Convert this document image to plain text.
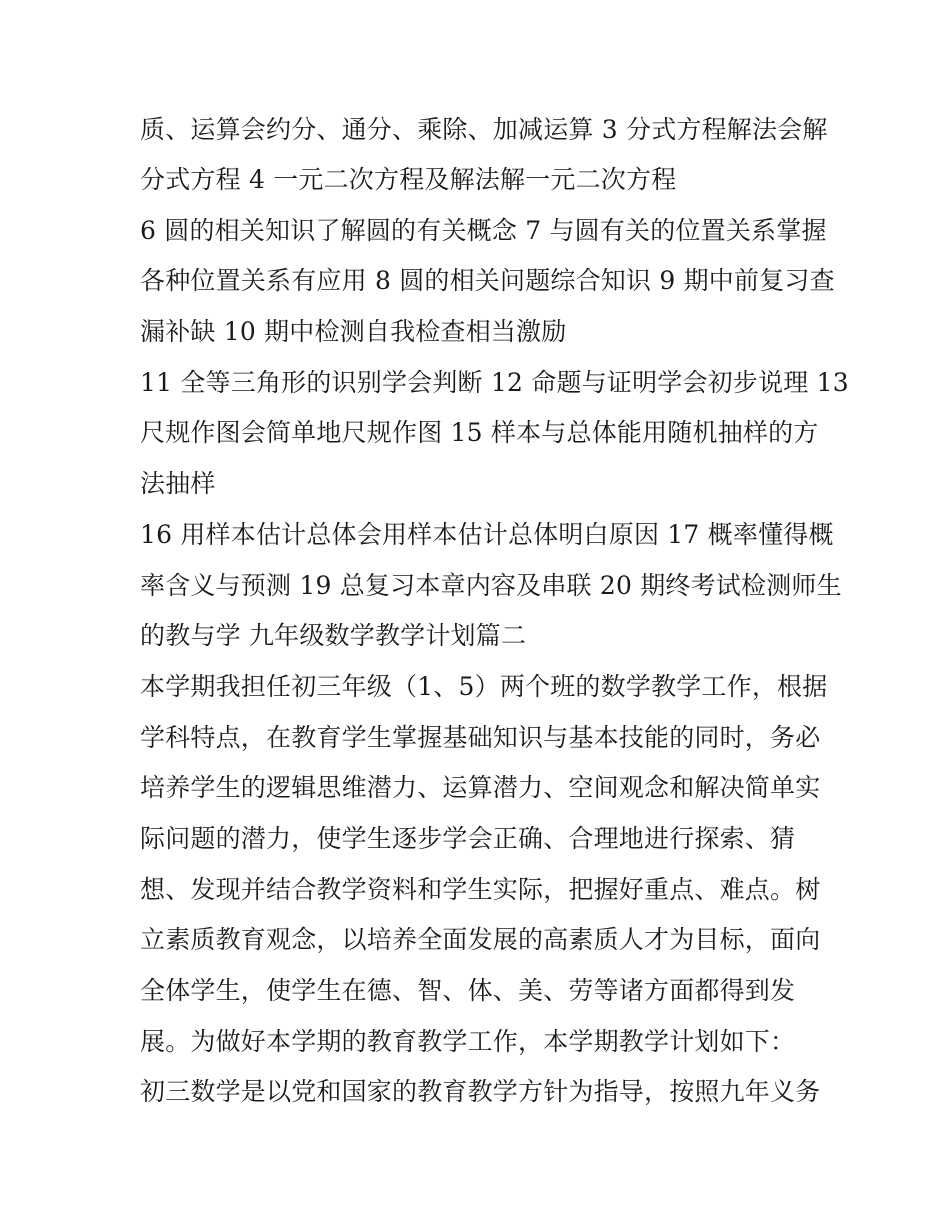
质、运算会约分、通分、乘除、加减运算 3 分式方程解法会解
分式方程 4 一元二次方程及解法解一元二次方程
6 圆的相关知识了解圆的有关概念 7 与圆有关的位置关系掌握
各种位置关系有应用 8 圆的相关问题综合知识 9 期中前复习查
漏补缺 10 期中检测自我检查相当激励
11 全等三角形的识别学会判断 12 命题与证明学会初步说理 13
尺规作图会简单地尺规作图 15 样本与总体能用随机抽样的方
法抽样
16 用样本估计总体会用样本估计总体明白原因 17 概率懂得概
率含义与预测 19 总复习本章内容及串联 20 期终考试检测师生
的教与学 九年级数学教学计划篇二
本学期我担任初三年级（1、5）两个班的数学教学工作，根据
学科特点，在教育学生掌握基础知识与基本技能的同时，务必
培养学生的逻辑思维潜力、运算潜力、空间观念和解决简单实
际问题的潜力，使学生逐步学会正确、合理地进行探索、猜
想、发现并结合教学资料和学生实际，把握好重点、难点。树
立素质教育观念，以培养全面发展的高素质人才为目标，面向
全体学生，使学生在德、智、体、美、劳等诸方面都得到发
展。为做好本学期的教育教学工作，本学期教学计划如下：
初三数学是以党和国家的教育教学方针为指导，按照九年义务
